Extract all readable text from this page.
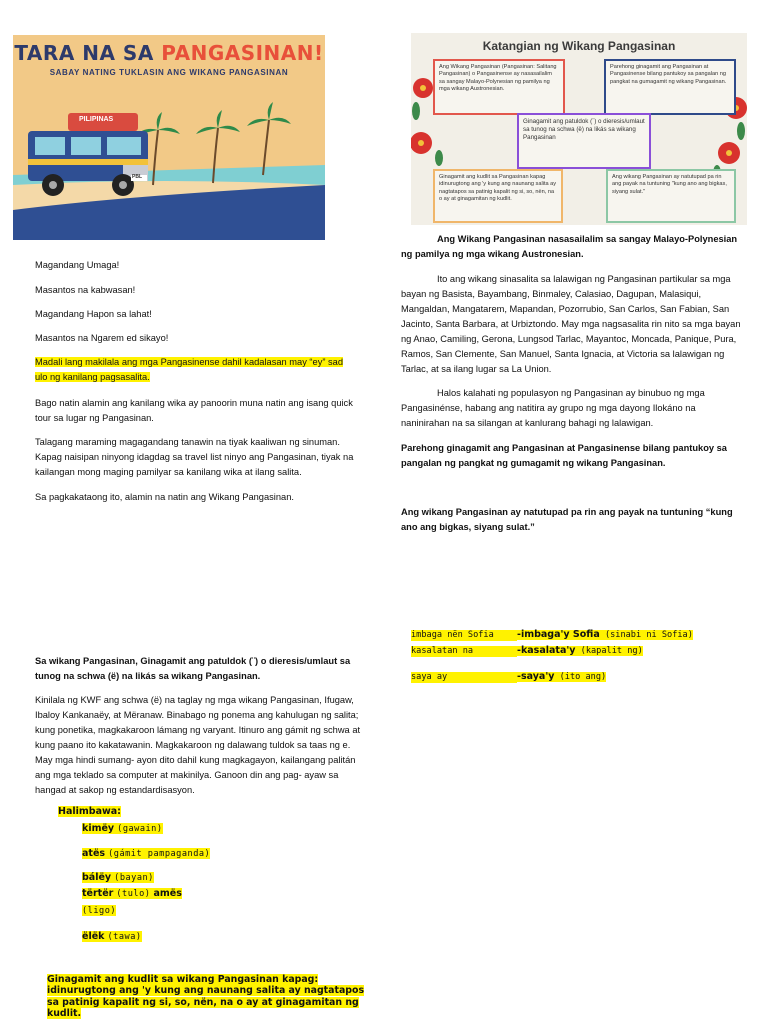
TARA NA SA PANGASINAN!
SABAY NATING TUKLASIN ANG WIKANG PANGASINAN
PILIPINAS
PBL
Katangian ng Wikang Pangasinan
Ang Wikang Pangasinan (Pangasinan: Salitang Pangasinan) o Pangasinense ay nasasailalim sa sangay Malayo-Polynesian ng pamilya ng mga wikang Austronesian.
Parehong ginagamit ang Pangasinan at Pangasinense bilang pantukoy sa pangalan ng pangkat na gumagamit ng wikang Pangasinan.
Ginagamit ang kudlit sa Pangasinan kapag idinurugtong ang 'y kung ang naunang salita ay nagtatapos sa patinig kapalit ng si, so, nën, na o ay at ginagamitan ng kudlit.
Ang wikang Pangasinan ay natutupad pa rin ang payak na tuntuning "kung ano ang bigkas, siyang sulat."
Ginagamit ang patuldok (¨) o dieresis/umlaut sa tunog na schwa (ë) na likás sa wikang Pangasinan

Magandang Umaga!

Masantos na kabwasan!

Magandang Hapon sa lahat!

Masantos na Ngarem ed sikayo!

Madali lang makilala ang mga Pangasinense dahil kadalasan may “ey” sad ulo ng kanilang pagsasalita.

Bago natin alamin ang kanilang wika ay panoorin muna natin ang isang quick tour sa lugar ng Pangasinan.

Talagang maraming magagandang tanawin na tiyak kaaliwan ng sinuman. Kapag naisipan ninyong idagdag sa travel list ninyo ang Pangasinan, tiyak na kailangan mong maging pamilyar sa kanilang wika at ilang salita.

Sa pagkakataong ito, alamin na natin ang Wikang Pangasinan.

Sa wikang Pangasinan, Ginagamit ang patuldok (¨) o dieresis/umlaut sa tunog na schwa (ë) na likás sa wikang Pangasinan.

Kinilala ng KWF ang schwa (ë) na taglay ng mga wikang Pangasinan, Ifugaw, Ibaloy Kankanaëy, at Mëranaw. Binabago ng ponema ang kahulugan ng salita; kung ponetika, magkakaroon lámang ng varyant. Itinuro ang gámit ng schwa at kung paano ito kakatawanin. Magkakaroon ng dalawang tuldok sa taas ng e. May mga hindi sumang- ayon dito dahil kung magkagayon, kailangang palitán ang mga teklado sa computer at makinilya. Ganoon din ang pag- ayaw sa hangad at sakop ng estandardisasyon.

Halimbawa:
kimëy (gawain)
atës (gámit pampaganda)
bálëy (bayan)
tërtër (tulo) amës
(ligo)
ëlëk (tawa)
Ginagamit ang kudlit sa wikang Pangasinan kapag: idinurugtong ang 'y kung ang naunang salita ay nagtatapos sa patinig kapalit ng si, so, nën, na o ay at ginagamitan ng kudlit.

Ang Wikang Pangasinan nasasailalim sa sangay Malayo-Polynesian ng pamilya ng mga wikang Austronesian.

Ito ang wikang sinasalita sa lalawigan ng Pangasinan partikular sa mga bayan ng Basista, Bayambang, Binmaley, Calasiao, Dagupan, Malasiqui, Mangaldan, Mangatarem, Mapandan, Pozorrubio, San Carlos, San Fabian, San Jacinto, Santa Barbara, at Urbiztondo. May mga nagsasalita rin nito sa mga bayan ng Anao, Camiling, Gerona, Lungsod Tarlac, Mayantoc, Moncada, Panique, Pura, Ramos, San Clemente, San Manuel, Santa Ignacia, at Victoria sa lalawigan ng Tarlac, at sa ilang lugar sa La Union.

Halos kalahati ng populasyon ng Pangasinan ay binubuo ng mga Pangasinénse, habang ang natitira ay grupo ng mga dayong Ilokáno na naninirahan na sa silangan at kanlurang bahagi ng lalawigan.

Parehong ginagamit ang Pangasinan at Pangasinense bilang pantukoy sa pangalan ng pangkat ng gumagamit ng wikang Pangasinan.

Ang wikang Pangasinan ay natutupad pa rin ang payak na tuntuning “kung ano ang bigkas, siyang sulat.”

imbaga nën Sofia -imbaga'y Sofia (sinabi ni Sofia)
kasalatan na	-kasalata'y (kapalit ng)
saya ay	-saya'y (ito ang)
